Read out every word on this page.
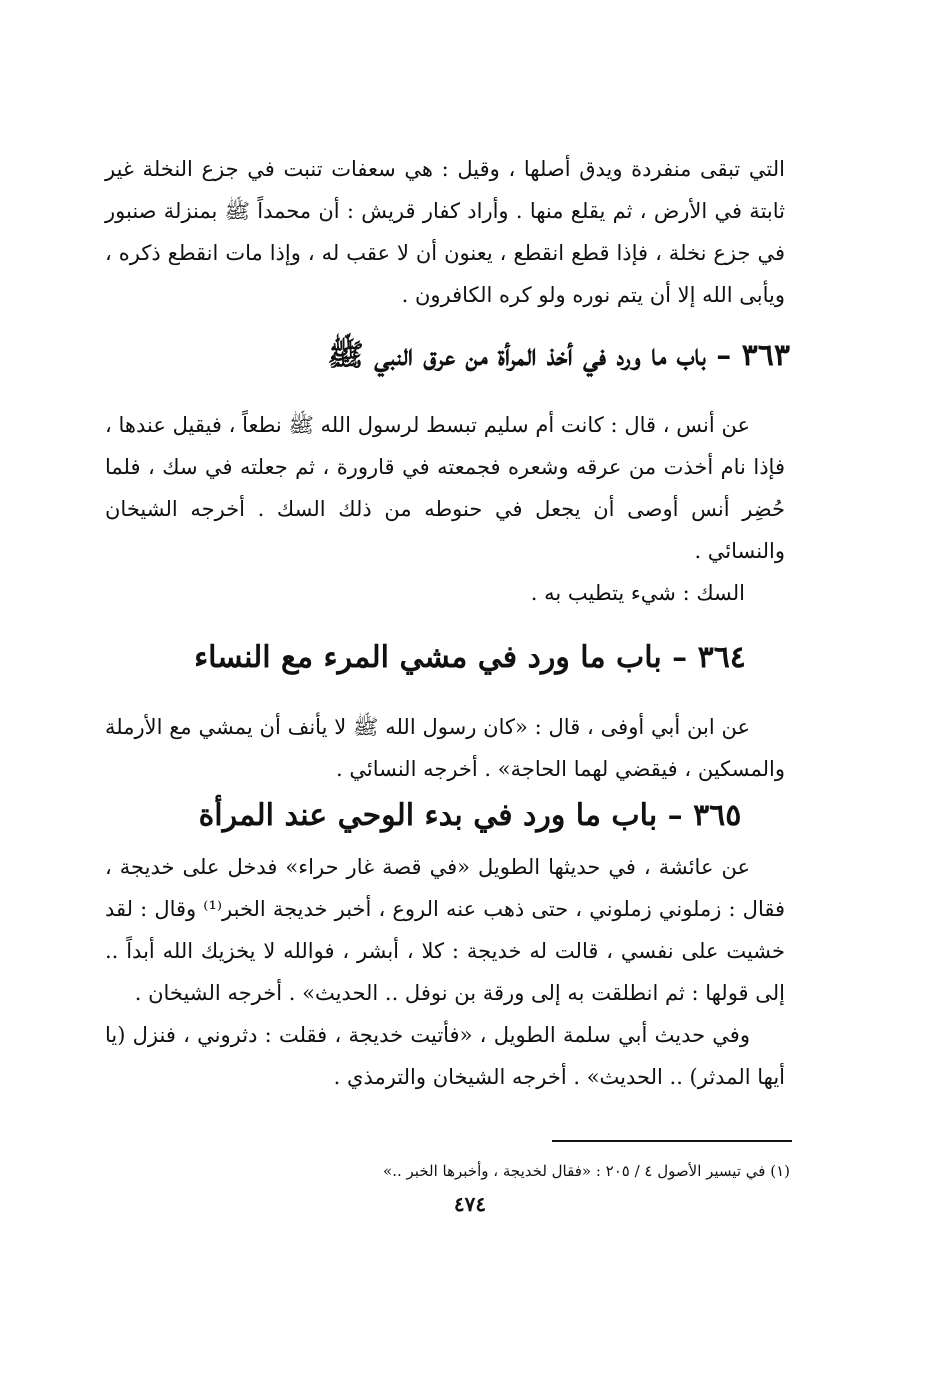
التي تبقى منفردة ويدق أصلها ، وقيل : هي سعفات تنبت في جزع النخلة غير ثابتة في الأرض ، ثم يقلع منها . وأراد كفار قريش : أن محمداً ﷺ بمنزلة صنبور في جزع نخلة ، فإذا قطع انقطع ، يعنون أن لا عقب له ، وإذا مات انقطع ذكره ، ويأبى الله إلا أن يتم نوره ولو كره الكافرون .

٣٦٣ – باب ما ورد في أخذ المرأة من عرق النبي ﷺ

عن أنس ، قال : كانت أم سليم تبسط لرسول الله ﷺ نطعاً ، فيقيل عندها ، فإذا نام أخذت من عرقه وشعره فجمعته في قارورة ، ثم جعلته في سك ، فلما حُضِر أنس أوصى أن يجعل في حنوطه من ذلك السك . أخرجه الشيخان والنسائي .

السك : شيء يتطيب به .

٣٦٤ – باب ما ورد في مشي المرء مع النساء

عن ابن أبي أوفى ، قال : «كان رسول الله ﷺ لا يأنف أن يمشي مع الأرملة والمسكين ، فيقضي لهما الحاجة» . أخرجه النسائي .

٣٦٥ – باب ما ورد في بدء الوحي عند المرأة

عن عائشة ، في حديثها الطويل «في قصة غار حراء» فدخل على خديجة ، فقال : زملوني زملوني ، حتى ذهب عنه الروع ، أخبر خديجة الخبر⁽¹⁾ وقال : لقد خشيت على نفسي ، قالت له خديجة : كلا ، أبشر ، فوالله لا يخزيك الله أبداً .. إلى قولها : ثم انطلقت به إلى ورقة بن نوفل .. الحديث» . أخرجه الشيخان .

وفي حديث أبي سلمة الطويل ، «فأتيت خديجة ، فقلت : دثروني ، فنزل (يا أيها المدثر) .. الحديث» . أخرجه الشيخان والترمذي .

(١) في تيسير الأصول ٤ / ٢٠٥ : «فقال لخديجة ، وأخبرها الخبر ..»

٤٧٤
